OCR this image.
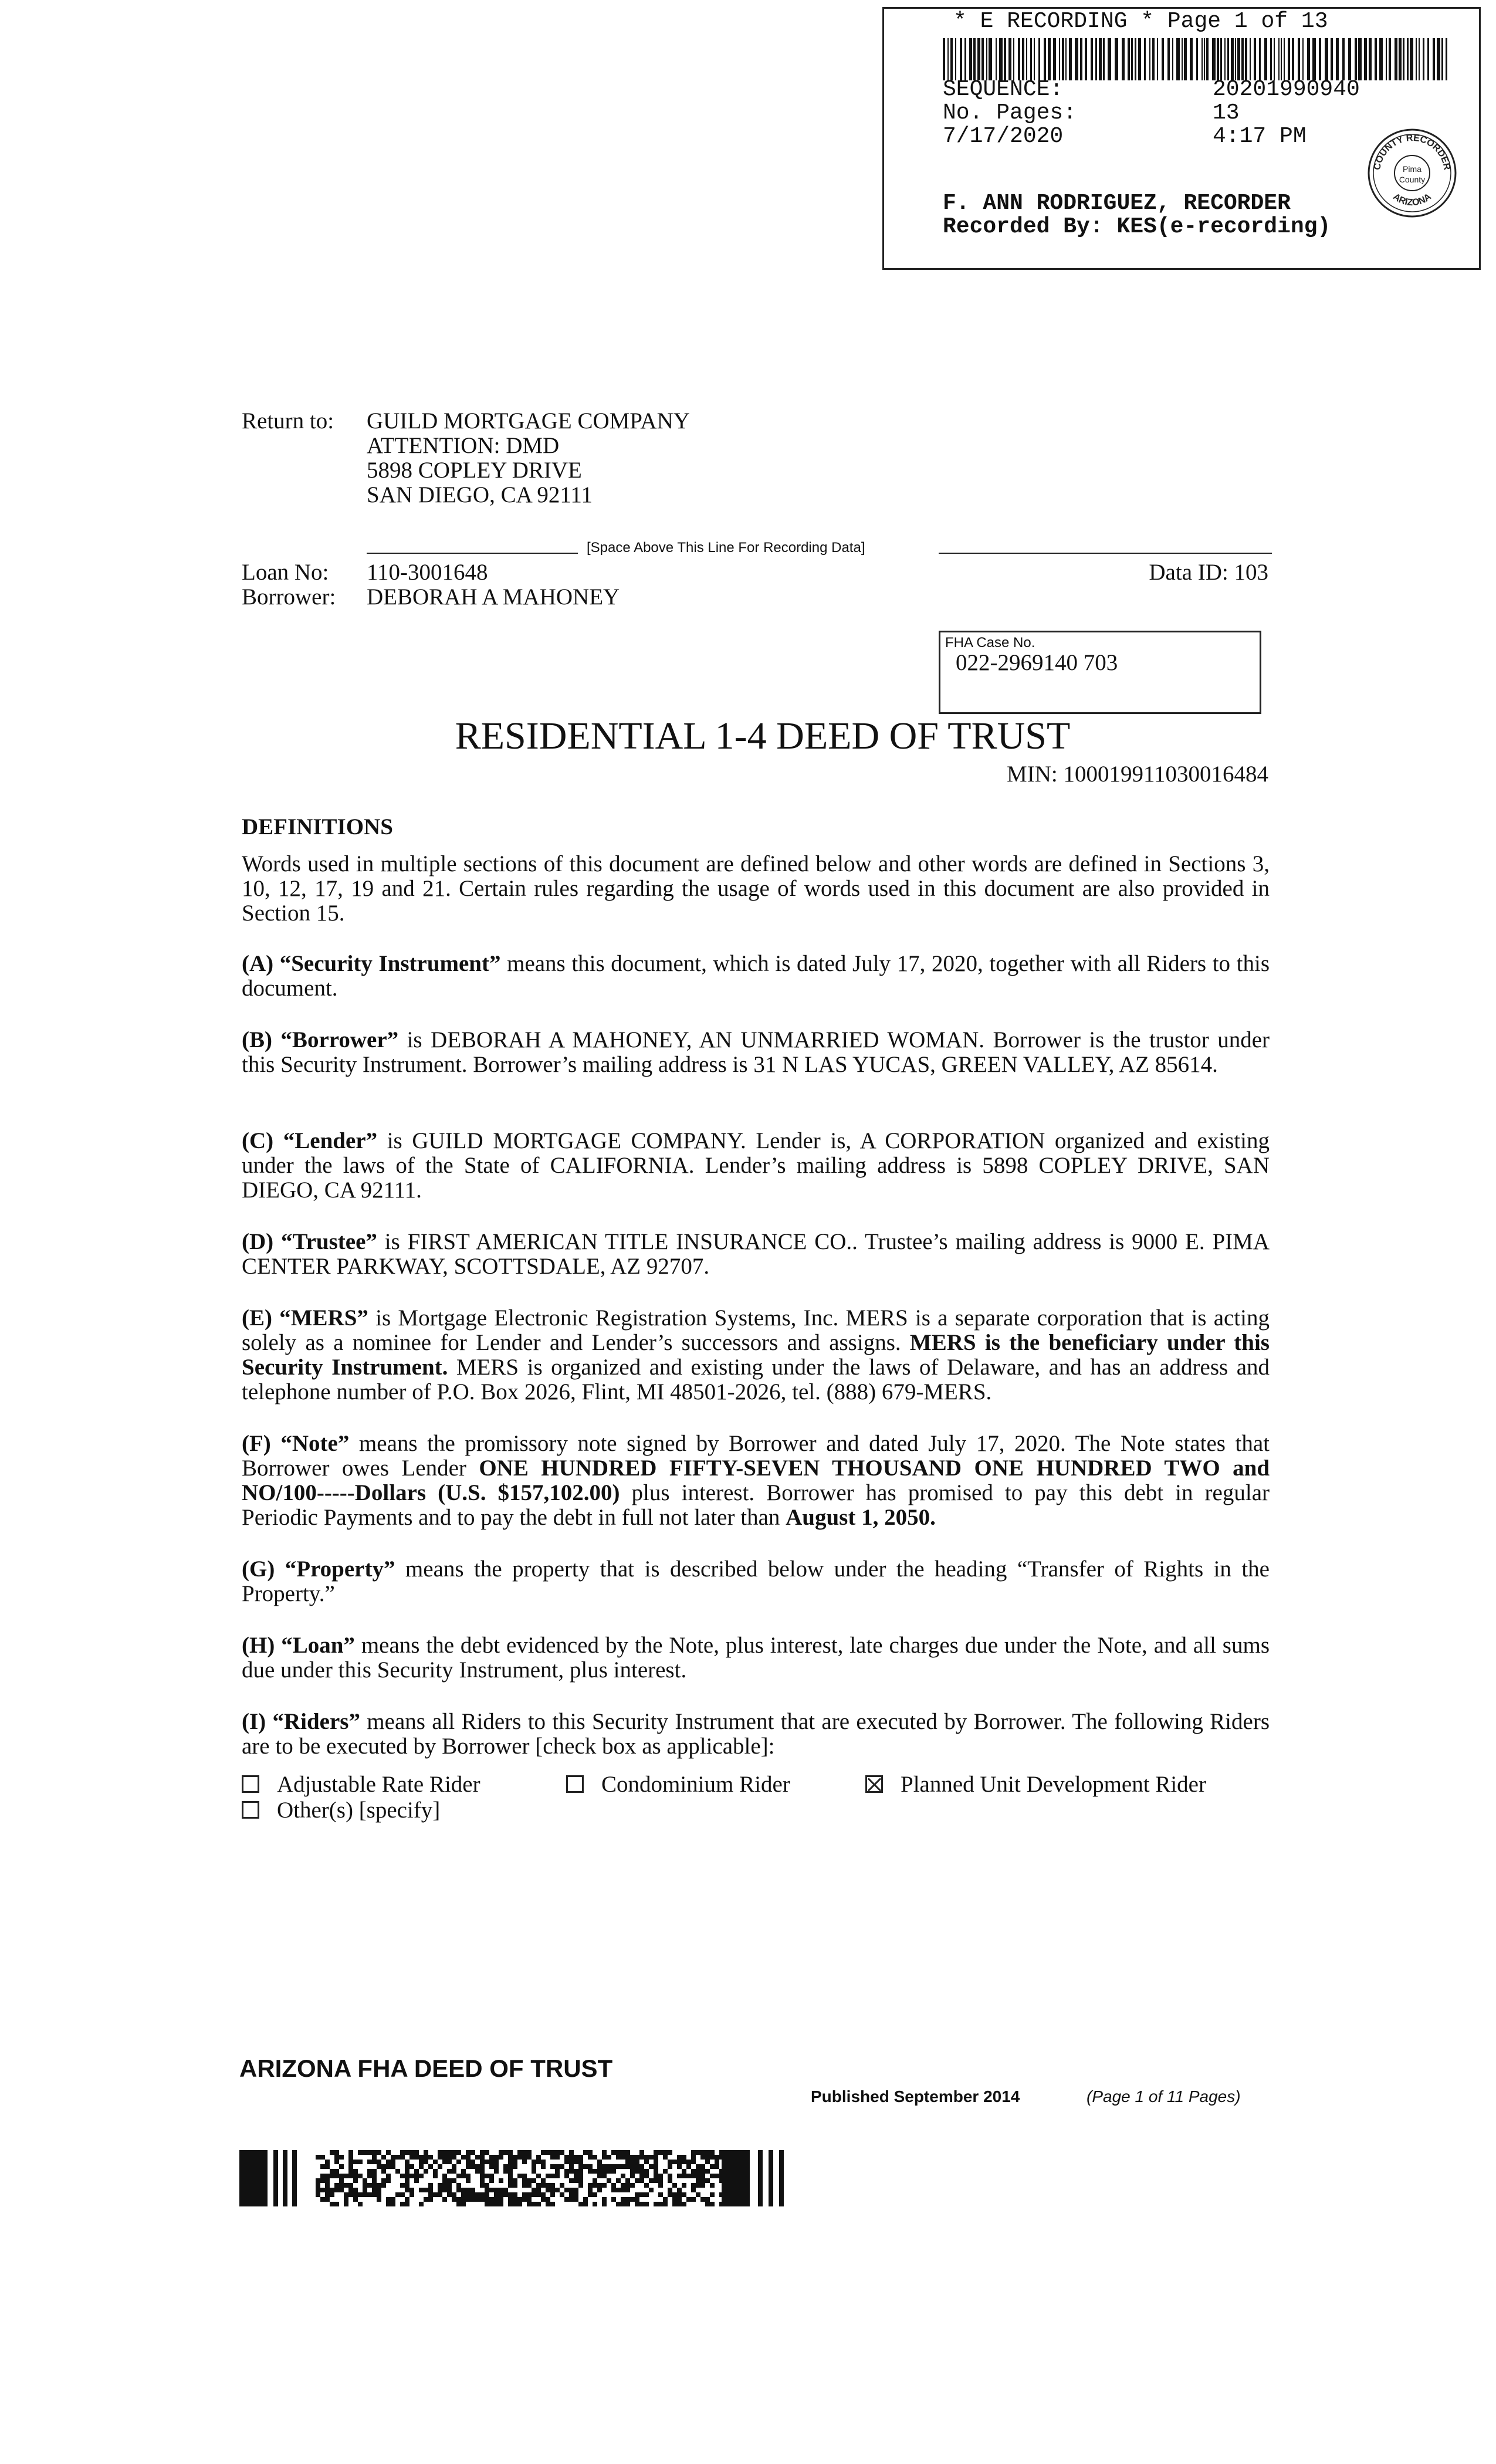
* E RECORDING * Page 1 of 13
SEQUENCE:	20201990940
No. Pages:	13
7/17/2020	4:17 PM
F. ANN RODRIGUEZ, RECORDER
Recorded By: KES(e-recording)
COUNTY RECORDER
ARIZONA
Pima
County
Return to: GUILD MORTGAGE COMPANY
ATTENTION: DMD
5898 COPLEY DRIVE
SAN DIEGO, CA 92111
[Space Above This Line For Recording Data]
Loan No: 110-3001648
Borrower: DEBORAH A MAHONEY
Data ID: 103
FHA Case No.
022-2969140 703
RESIDENTIAL 1-4 DEED OF TRUST
MIN: 100019911030016484
DEFINITIONS
Words used in multiple sections of this document are defined below and other words are defined in Sections 3, 10, 12, 17, 19 and 21. Certain rules regarding the usage of words used in this document are also provided in Section 15.
(A) “Security Instrument” means this document, which is dated July 17, 2020, together with all Riders to this document.
(B) “Borrower” is DEBORAH A MAHONEY, AN UNMARRIED WOMAN. Borrower is the trustor under this Security Instrument. Borrower’s mailing address is 31 N LAS YUCAS, GREEN VALLEY, AZ 85614.
(C) “Lender” is GUILD MORTGAGE COMPANY. Lender is, A CORPORATION organized and existing under the laws of the State of CALIFORNIA. Lender’s mailing address is 5898 COPLEY DRIVE, SAN DIEGO, CA 92111.
(D) “Trustee” is FIRST AMERICAN TITLE INSURANCE CO.. Trustee’s mailing address is 9000 E. PIMA CENTER PARKWAY, SCOTTSDALE, AZ 92707.
(E) “MERS” is Mortgage Electronic Registration Systems, Inc. MERS is a separate corporation that is acting solely as a nominee for Lender and Lender’s successors and assigns. MERS is the beneficiary under this Security Instrument. MERS is organized and existing under the laws of Delaware, and has an address and telephone number of P.O. Box 2026, Flint, MI 48501-2026, tel. (888) 679-MERS.
(F) “Note” means the promissory note signed by Borrower and dated July 17, 2020. The Note states that Borrower owes Lender ONE HUNDRED FIFTY-SEVEN THOUSAND ONE HUNDRED TWO and NO/100-----Dollars (U.S. $157,102.00) plus interest. Borrower has promised to pay this debt in regular Periodic Payments and to pay the debt in full not later than August 1, 2050.
(G) “Property” means the property that is described below under the heading “Transfer of Rights in the Property.”
(H) “Loan” means the debt evidenced by the Note, plus interest, late charges due under the Note, and all sums due under this Security Instrument, plus interest.
(I) “Riders” means all Riders to this Security Instrument that are executed by Borrower. The following Riders are to be executed by Borrower [check box as applicable]:
Adjustable Rate Rider	Condominium Rider	Planned Unit Development Rider
Other(s) [specify]
ARIZONA FHA DEED OF TRUST
Published September 2014	(Page 1 of 11 Pages)
